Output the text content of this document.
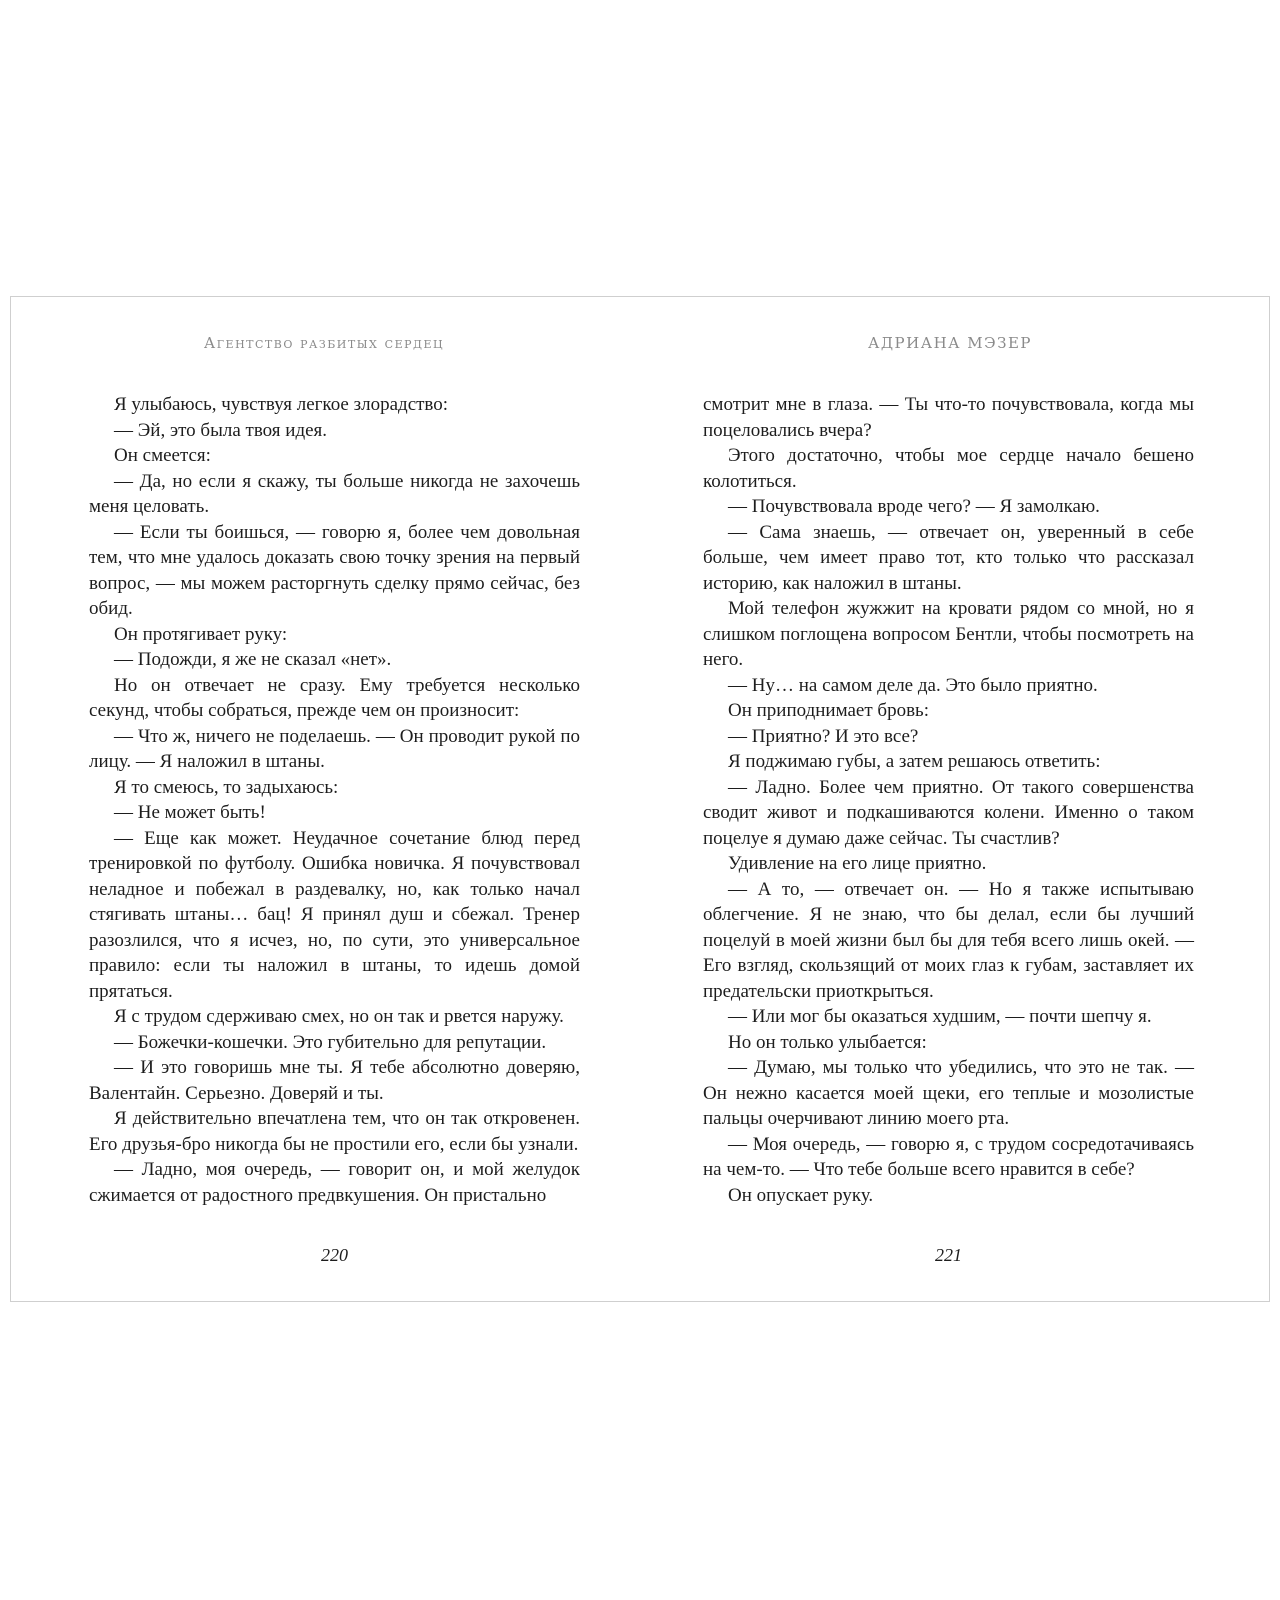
Агентство разбитых сердец	АДРИАНА МЭЗЕР

Я улыбаюсь, чувствуя легкое злорадство:

— Эй, это была твоя идея.

Он смеется:

— Да, но если я скажу, ты больше никогда не захочешь меня целовать.

— Если ты боишься, — говорю я, более чем довольная тем, что мне удалось доказать свою точку зрения на первый вопрос, — мы можем расторгнуть сделку прямо сейчас, без обид.

Он протягивает руку:

— Подожди, я же не сказал «нет».

Но он отвечает не сразу. Ему требуется несколько секунд, чтобы собраться, прежде чем он произносит:

— Что ж, ничего не поделаешь. — Он проводит рукой по лицу. — Я наложил в штаны.

Я то смеюсь, то задыхаюсь:

— Не может быть!

— Еще как может. Неудачное сочетание блюд перед тренировкой по футболу. Ошибка новичка. Я почувствовал неладное и побежал в раздевалку, но, как только начал стягивать штаны… бац! Я принял душ и сбежал. Тренер разозлился, что я исчез, но, по сути, это универсальное правило: если ты наложил в штаны, то идешь домой прятаться.

Я с трудом сдерживаю смех, но он так и рвется наружу.

— Божечки-кошечки. Это губительно для репутации.

— И это говоришь мне ты. Я тебе абсолютно доверяю, Валентайн. Серьезно. Доверяй и ты.

Я действительно впечатлена тем, что он так откровенен. Его друзья-бро никогда бы не простили его, если бы узнали.

— Ладно, моя очередь, — говорит он, и мой желудок сжимается от радостного предвкушения. Он пристально

смотрит мне в глаза. — Ты что-то почувствовала, когда мы поцеловались вчера?

Этого достаточно, чтобы мое сердце начало бешено колотиться.

— Почувствовала вроде чего? — Я замолкаю.

— Сама знаешь, — отвечает он, уверенный в себе больше, чем имеет право тот, кто только что рассказал историю, как наложил в штаны.

Мой телефон жужжит на кровати рядом со мной, но я слишком поглощена вопросом Бентли, чтобы посмотреть на него.

— Ну… на самом деле да. Это было приятно.

Он приподнимает бровь:

— Приятно? И это все?

Я поджимаю губы, а затем решаюсь ответить:

— Ладно. Более чем приятно. От такого совершенства сводит живот и подкашиваются колени. Именно о таком поцелуе я думаю даже сейчас. Ты счастлив?

Удивление на его лице приятно.

— А то, — отвечает он. — Но я также испытываю облегчение. Я не знаю, что бы делал, если бы лучший поцелуй в моей жизни был бы для тебя всего лишь окей. — Его взгляд, скользящий от моих глаз к губам, заставляет их предательски приоткрыться.

— Или мог бы оказаться худшим, — почти шепчу я.

Но он только улыбается:

— Думаю, мы только что убедились, что это не так. — Он нежно касается моей щеки, его теплые и мозолистые пальцы очерчивают линию моего рта.

— Моя очередь, — говорю я, с трудом сосредотачиваясь на чем-то. — Что тебе больше всего нравится в себе?

Он опускает руку.

220	221
